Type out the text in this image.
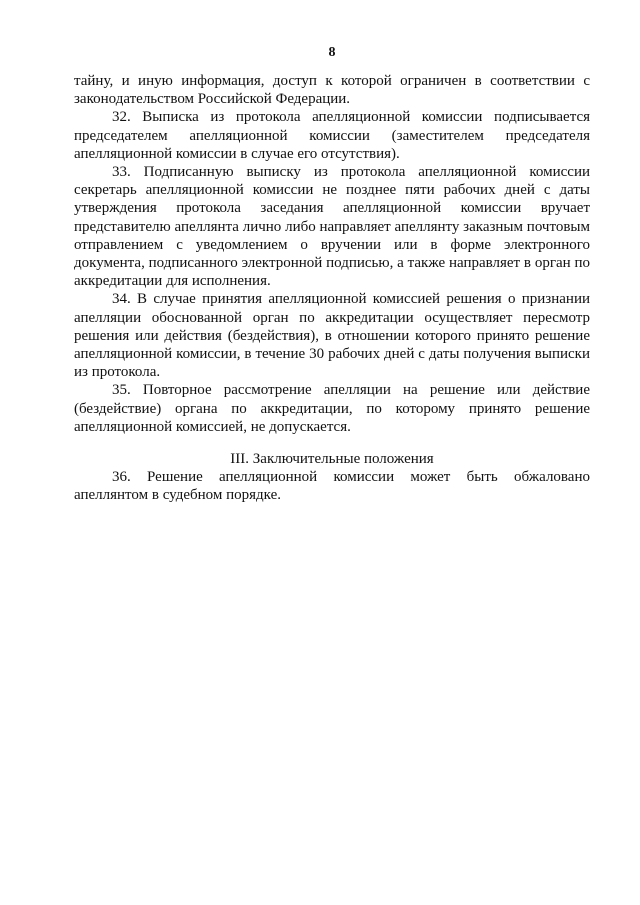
8

тайну, и иную информация, доступ к которой ограничен в соответствии с законодательством Российской Федерации.

32. Выписка из протокола апелляционной комиссии подписывается председателем апелляционной комиссии (заместителем председателя апелляционной комиссии в случае его отсутствия).

33. Подписанную выписку из протокола апелляционной комиссии секретарь апелляционной комиссии не позднее пяти рабочих дней с даты утверждения протокола заседания апелляционной комиссии вручает представителю апеллянта лично либо направляет апеллянту заказным почтовым отправлением с уведомлением о вручении или в форме электронного документа, подписанного электронной подписью, а также направляет в орган по аккредитации для исполнения.

34. В случае принятия апелляционной комиссией решения о признании апелляции обоснованной орган по аккредитации осуществляет пересмотр решения или действия (бездействия), в отношении которого принято решение апелляционной комиссии, в течение 30 рабочих дней с даты получения выписки из протокола.

35. Повторное рассмотрение апелляции на решение или действие (бездействие) органа по аккредитации, по которому принято решение апелляционной комиссией, не допускается.

III. Заключительные положения

36. Решение апелляционной комиссии может быть обжаловано апеллянтом в судебном порядке.
